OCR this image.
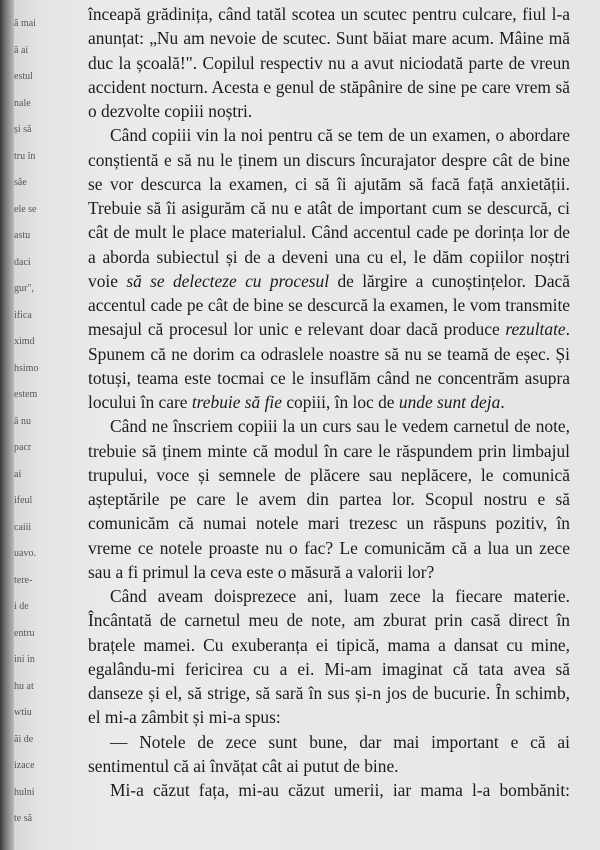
ă mai
ă ai
estul
nale
și să
tru în
săe
ele se
astu
daci
gur",
ifica
ximd
hsimo
estem
ă nu
pacr
ai
ifeul
caiii
uavo.
tere-
i de
entru
ini in
hu at
wtiu
ăi de
izace
hulni
te să

înceapă grădinița, când tatăl scotea un scutec pentru culcare, fiul l-a anunțat: „Nu am nevoie de scutec. Sunt băiat mare acum. Mâine mă duc la școală!". Copilul respectiv nu a avut niciodată parte de vreun accident nocturn. Acesta e genul de stăpânire de sine pe care vrem să o dezvolte copiii noștri.

Când copiii vin la noi pentru că se tem de un examen, o abordare conștientă e să nu le ținem un discurs încurajator despre cât de bine se vor descurca la examen, ci să îi ajutăm să facă față anxietății. Trebuie să îi asigurăm că nu e atât de important cum se descurcă, ci cât de mult le place materialul. Când accentul cade pe dorința lor de a aborda subiectul și de a deveni una cu el, le dăm copiilor noștri voie să se delecteze cu procesul de lărgire a cunoștințelor. Dacă accentul cade pe cât de bine se descurcă la examen, le vom transmite mesajul că procesul lor unic e relevant doar dacă produce rezultate. Spunem că ne dorim ca odraslele noastre să nu se teamă de eșec. Și totuși, teama este tocmai ce le insuflăm când ne concentrăm asupra locului în care trebuie să fie copiii, în loc de unde sunt deja.

Când ne înscriem copiii la un curs sau le vedem carnetul de note, trebuie să ținem minte că modul în care le răspundem prin limbajul trupului, voce și semnele de plăcere sau neplăcere, le comunică așteptările pe care le avem din partea lor. Scopul nostru e să comunicăm că numai notele mari trezesc un răspuns pozitiv, în vreme ce notele proaste nu o fac? Le comunicăm că a lua un zece sau a fi primul la ceva este o măsură a valorii lor?

Când aveam doisprezece ani, luam zece la fiecare materie. Încântată de carnetul meu de note, am zburat prin casă direct în brațele mamei. Cu exuberanța ei tipică, mama a dansat cu mine, egalându-mi fericirea cu a ei. Mi-am imaginat că tata avea să danseze și el, să strige, să sară în sus și-n jos de bucurie. În schimb, el mi-a zâmbit și mi-a spus:

— Notele de zece sunt bune, dar mai important e că ai sentimentul că ai învățat cât ai putut de bine.

Mi-a căzut fața, mi-au căzut umerii, iar mama l-a bombănit:
